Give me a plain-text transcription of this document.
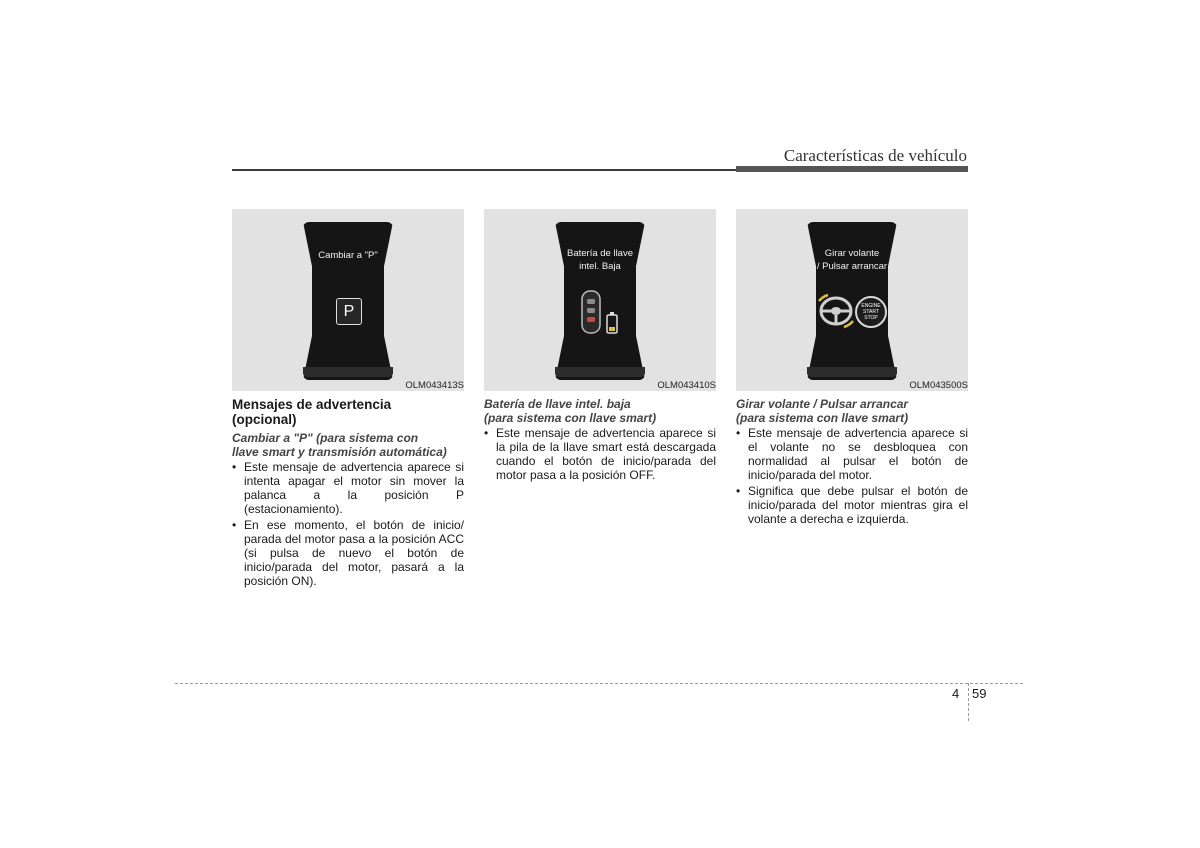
Características de vehículo
Cambiar a "P"
P
OLM043413S
Mensajes de advertencia
(opcional)
Cambiar a "P" (para sistema con
llave smart y transmisión automática)
• Este mensaje de advertencia aparece si intenta apagar el motor sin mover la palanca a la posición P (estacionamiento).
• En ese momento, el botón de inicio/ parada del motor pasa a la posición ACC (si pulsa de nuevo el botón de inicio/parada del motor, pasará a la posición ON).
Batería de llave
intel. Baja
OLM043410S
Batería de llave intel. baja
(para sistema con llave smart)
• Este mensaje de advertencia aparece si la pila de la llave smart está descargada cuando el botón de inicio/parada del motor pasa a la posición OFF.
Girar volante
/ Pulsar arrancar
ENGINE
START
STOP
OLM043500S
Girar volante / Pulsar arrancar
(para sistema con llave smart)
• Este mensaje de advertencia aparece si el volante no se desbloquea con normalidad al pulsar el botón de inicio/parada del motor.
• Significa que debe pulsar el botón de inicio/parada del motor mientras gira el volante a derecha e izquierda.
4 59
